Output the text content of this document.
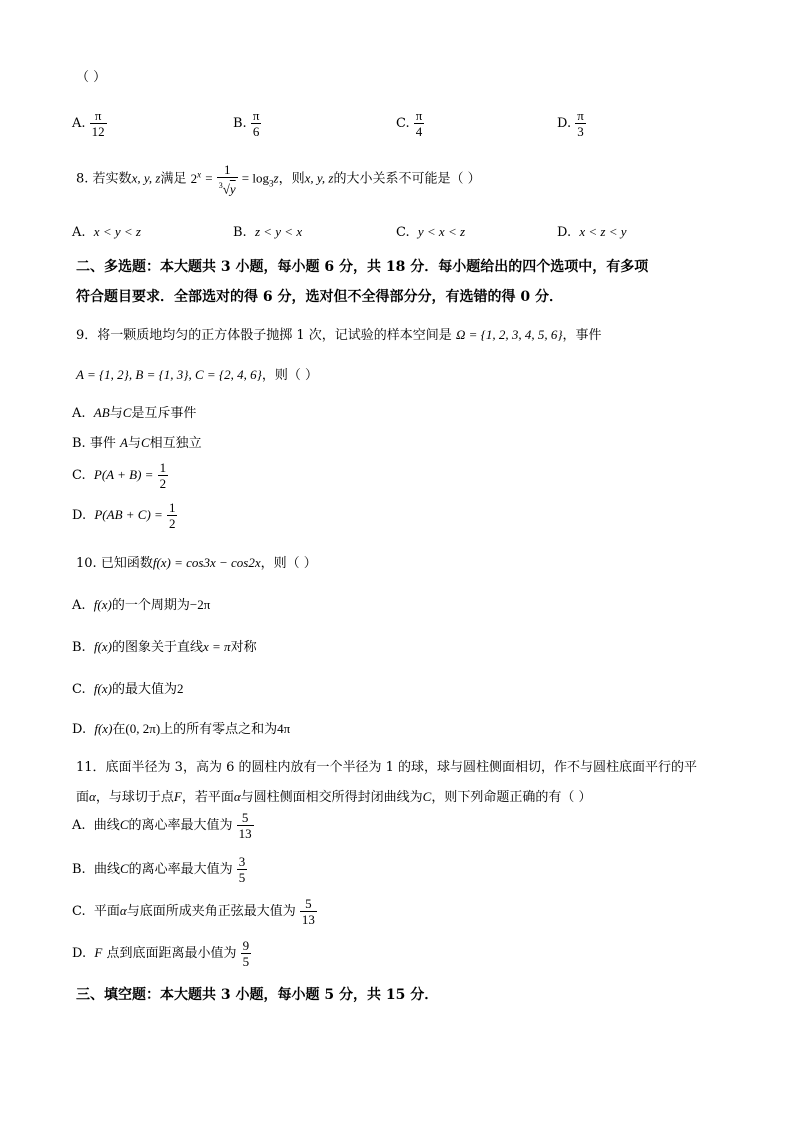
（ ）
A. $\frac{\pi}{12}$	B. $\frac{\pi}{6}$	C. $\frac{\pi}{4}$	D. $\frac{\pi}{3}$
8. 若实数x, y, z满足 $2^x = \frac{1}{^3√y} = \log_3z$，则x, y, z的大小关系不可能是（ ）
A. x < y < z	B. z < y < x	C. y < x < z	D. x < z < y
二、多选题：本大题共 3 小题，每小题 6 分，共 18 分．每小题给出的四个选项中，有多项
符合题目要求．全部选对的得 6 分，选对但不全得部分分，有选错的得 0 分．
9．将一颗质地均匀的正方体骰子抛掷 1 次，记试验的样本空间是 Ω = {1, 2, 3, 4, 5, 6}，事件
A = {1, 2}, B = {1, 3}, C = {2, 4, 6}，则（ ）
A. AB与C是互斥事件
B. 事件 A与C相互独立
C. $P(A + B) = \frac{1}{2}$
D. $P(AB + C) = \frac{1}{2}$
10. 已知函数f(x) = cos3x − cos2x，则（ ）
A. f(x)的一个周期为−2π
B. f(x)的图象关于直线x = π对称
C. f(x)的最大值为2
D. f(x)在(0, 2π)上的所有零点之和为4π
11．底面半径为 3，高为 6 的圆柱内放有一个半径为 1 的球，球与圆柱侧面相切，作不与圆柱底面平行的平
面α，与球切于点F，若平面α与圆柱侧面相交所得封闭曲线为C，则下列命题正确的有（ ）
A. 曲线C的离心率最大值为 $\frac{5}{13}$
B. 曲线C的离心率最大值为 $\frac{3}{5}$
C. 平面α与底面所成夹角正弦最大值为 $\frac{5}{13}$
D. F 点到底面距离最小值为 $\frac{9}{5}$
三、填空题：本大题共 3 小题，每小题 5 分，共 15 分．
